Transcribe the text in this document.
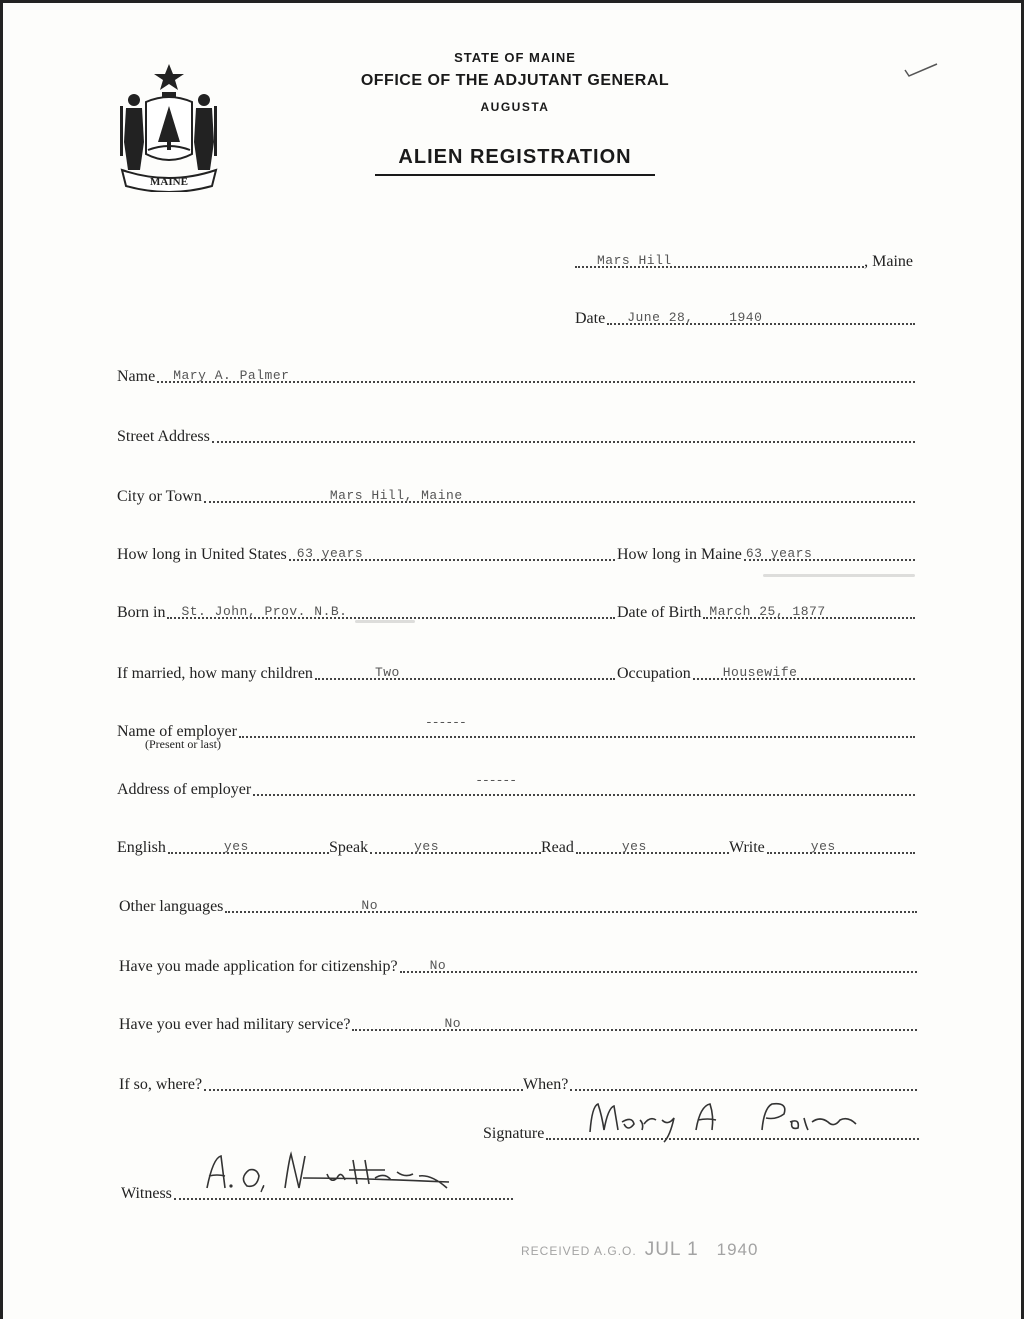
MAINE
STATE OF MAINE
OFFICE OF THE ADJUTANT GENERAL
AUGUSTA
ALIEN REGISTRATION
Mars Hill	, Maine
Date June 28,	1940
Name Mary A. Palmer
Street Address
City or Town	Mars Hill, Maine
How long in United States 63 years	How long in Maine 63 years
Born in St. John, Prov. N.B.	Date of Birth March 25, 1877
If married, how many children	Two	Occupation Housewife
Name of employer
------
(Present or last)
Address of employer
------
English	yes	Speak	yes	Read	yes	Write	yes
Other languages	No
Have you made application for citizenship? No
Have you ever had military service?	No
If so, where?	When?
Signature
Witness
RECEIVED A.G.O. JUL 1 1940
